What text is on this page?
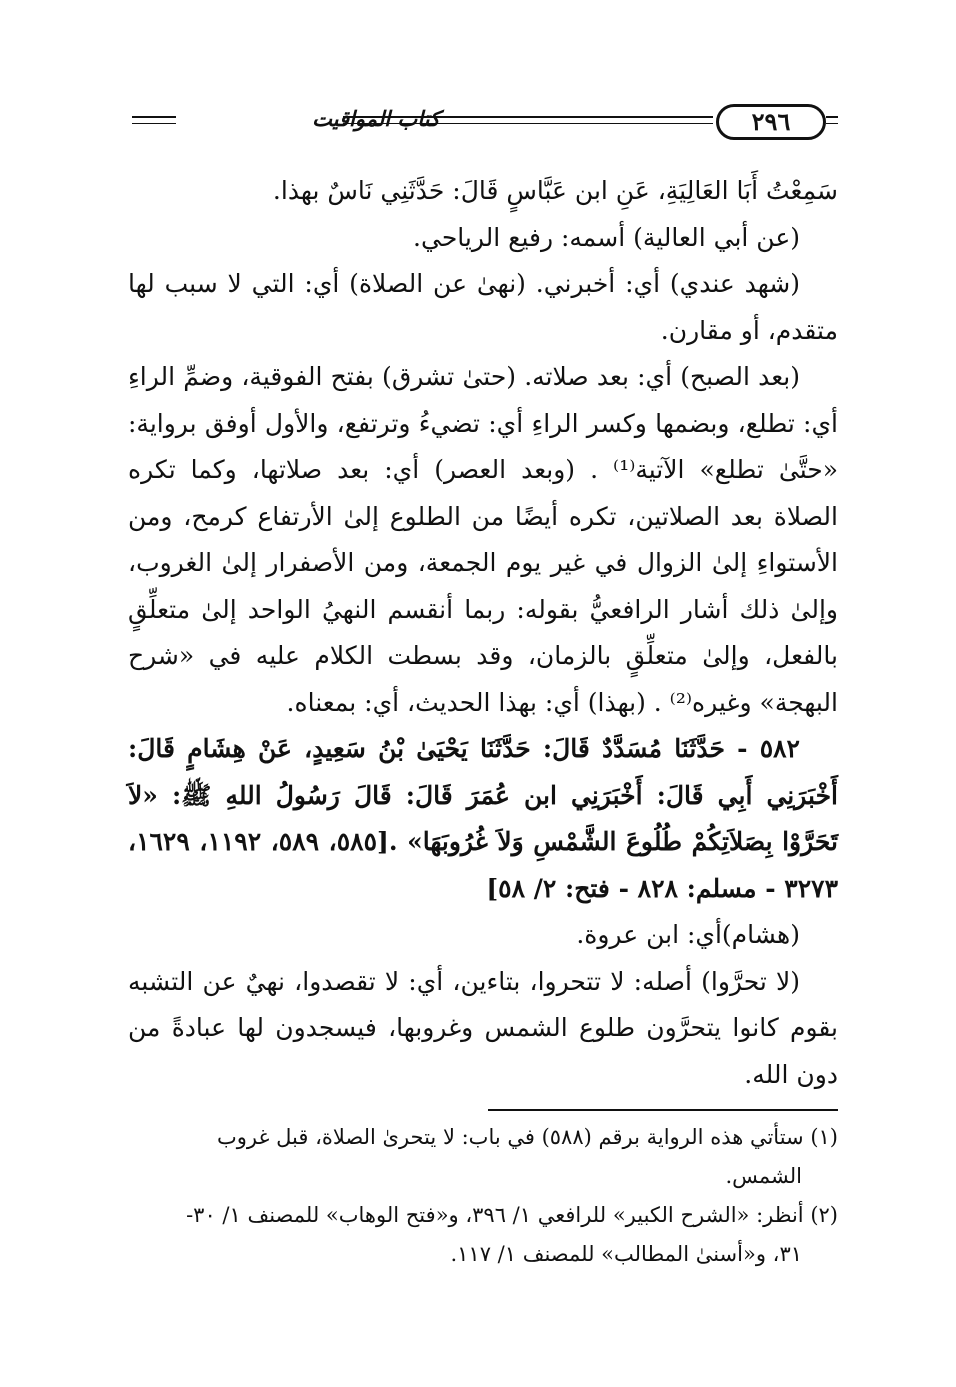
٢٩٦
كتاب المواقيت

سَمِعْتُ أَبَا العَالِيَةِ، عَنِ ابن عَبَّاسٍ قَالَ: حَدَّثَنِي نَاسٌ بهذا.

(عن أبي العالية) أسمه: رفيع الرياحي.

(شهد عندي) أي: أخبرني. (نهىٰ عن الصلاة) أي: التي لا سبب لها متقدم، أو مقارن.

(بعد الصبح) أي: بعد صلاته. (حتىٰ تشرق) بفتح الفوقية، وضمِّ الراءِ أي: تطلع، وبضمها وكسر الراءِ أي: تضيءُ وترتفع، والأول أوفق برواية: «حتَّىٰ تطلع» الآتية⁽¹⁾ . (وبعد العصر) أي: بعد صلاتها، وكما تكره الصلاة بعد الصلاتين، تكره أيضًا من الطلوع إلىٰ الأرتفاع كرمح، ومن الأستواءِ إلىٰ الزوال في غير يوم الجمعة، ومن الأصفرار إلىٰ الغروب، وإلىٰ ذلك أشار الرافعيُّ بقوله: ربما أنقسم النهيُ الواحد إلىٰ متعلِّقٍ بالفعل، وإلىٰ متعلِّقٍ بالزمان، وقد بسطت الكلام عليه في «شرح البهجة» وغيره⁽²⁾ . (بهذا) أي: بهذا الحديث، أي: بمعناه.

٥٨٢ - حَدَّثَنَا مُسَدَّدٌ قَالَ: حَدَّثَنَا يَحْيَىٰ بْنُ سَعِيدٍ، عَنْ هِشَامٍ قَالَ: أَخْبَرَنِي أَبِي قَالَ: أَخْبَرَنِي ابن عُمَرَ قَالَ: قَالَ رَسُولُ اللهِ ﷺ: «لاَ تَحَرَّوْا بِصَلاَتِكُمْ طُلُوعَ الشَّمْسِ وَلاَ غُرُوبَهَا» .[٥٨٥، ٥٨٩، ١١٩٢، ١٦٢٩، ٣٢٧٣ - مسلم: ٨٢٨ - فتح: ٢/ ٥٨]

(هشام)أي: ابن عروة.

(لا تحرَّوا) أصله: لا تتحروا، بتاءين، أي: لا تقصدوا، نهيٌ عن التشبه بقوم كانوا يتحرَّون طلوع الشمس وغروبها، فيسجدون لها عبادةً من دون الله.

(١) ستأتي هذه الرواية برقم (٥٨٨) في باب: لا يتحرىٰ الصلاة، قبل غروب

الشمس.

(٢) أنظر: «الشرح الكبير» للرافعي ١/ ٣٩٦، و«فتح الوهاب» للمصنف ١/ ٣٠-

٣١، و«أسنىٰ المطالب» للمصنف ١/ ١١٧.
